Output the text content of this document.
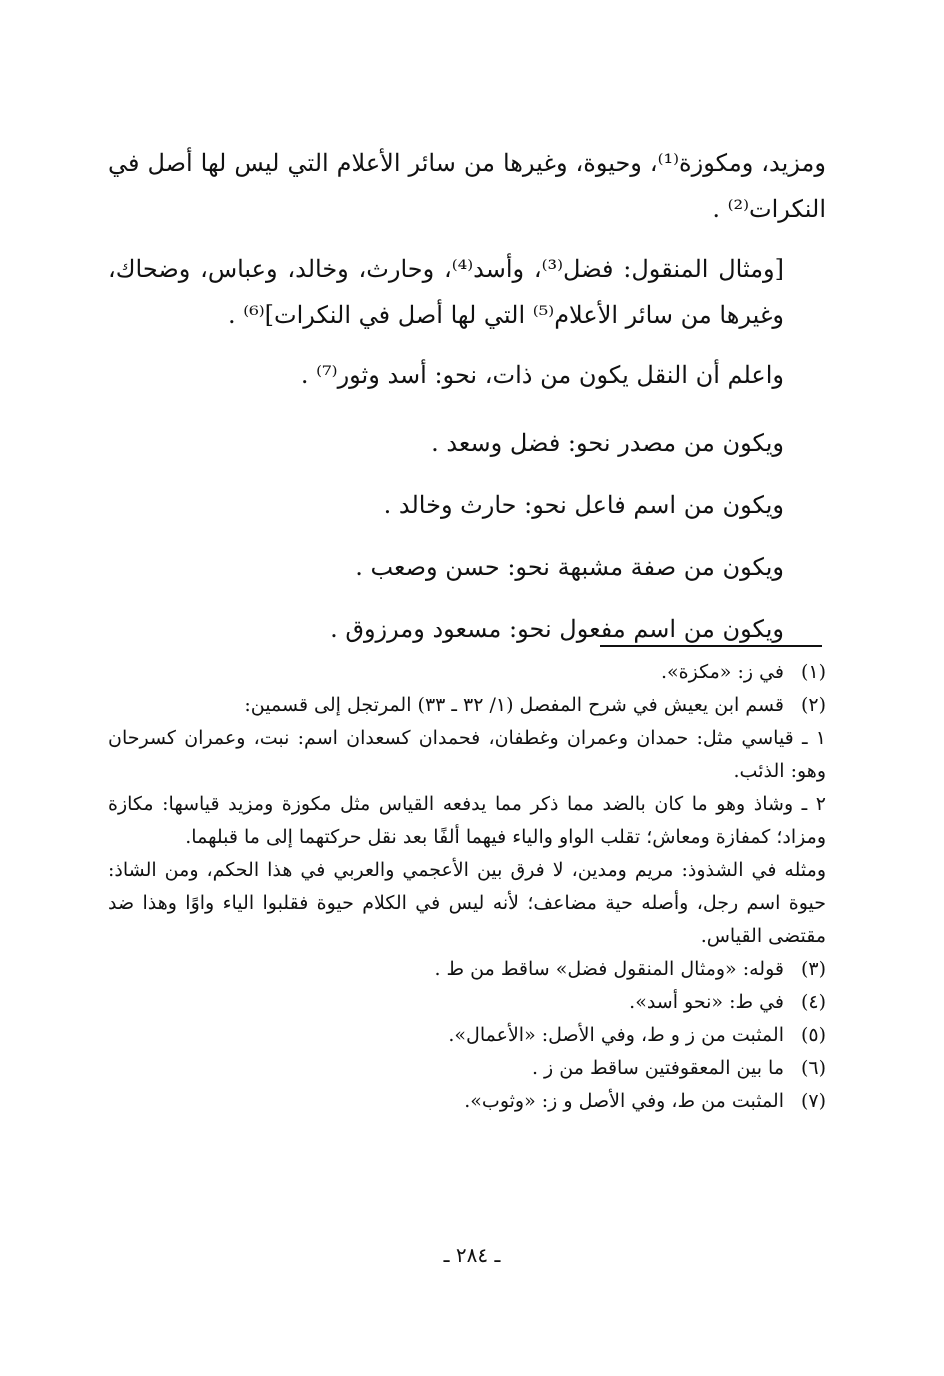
ومزيد، ومكوزة⁽¹⁾، وحيوة، وغيرها من سائر الأعلام التي ليس لها أصل في النكرات⁽²⁾ .

[ومثال المنقول: فضل⁽³⁾، وأسد⁽⁴⁾، وحارث، وخالد، وعباس، وضحاك، وغيرها من سائر الأعلام⁽⁵⁾ التي لها أصل في النكرات]⁽⁶⁾ .

واعلم أن النقل يكون من ذات، نحو: أسد وثور⁽⁷⁾ .

ويكون من مصدر نحو: فضل وسعد .

ويكون من اسم فاعل نحو: حارث وخالد .

ويكون من صفة مشبهة نحو: حسن وصعب .

ويكون من اسم مفعول نحو: مسعود ومرزوق .

(١)
في ز: «مكزة».
(٢)
قسم ابن يعيش في شرح المفصل (١/ ٣٢ ـ ٣٣) المرتجل إلى قسمين:

١ ـ قياسي مثل: حمدان وعمران وغطفان، فحمدان كسعدان اسم: نبت، وعمران كسرحان وهو: الذئب.

٢ ـ وشاذ وهو ما كان بالضد مما ذكر مما يدفعه القياس مثل مكوزة ومزيد قياسها: مكازة ومزاد؛ كمفازة ومعاش؛ تقلب الواو والياء فيهما ألفًا بعد نقل حركتهما إلى ما قبلهما.

ومثله في الشذوذ: مريم ومدين، لا فرق بين الأعجمي والعربي في هذا الحكم، ومن الشاذ: حيوة اسم رجل، وأصله حية مضاعف؛ لأنه ليس في الكلام حيوة فقلبوا الياء واوًا وهذا ضد مقتضى القياس.

(٣)
قوله: «ومثال المنقول فضل» ساقط من ط .
(٤)
في ط: «نحو أسد».
(٥)
المثبت من ز و ط، وفي الأصل: «الأعمال».
(٦)
ما بين المعقوفتين ساقط من ز .
(٧)
المثبت من ط، وفي الأصل و ز: «وثوب».
ـ ٢٨٤ ـ
